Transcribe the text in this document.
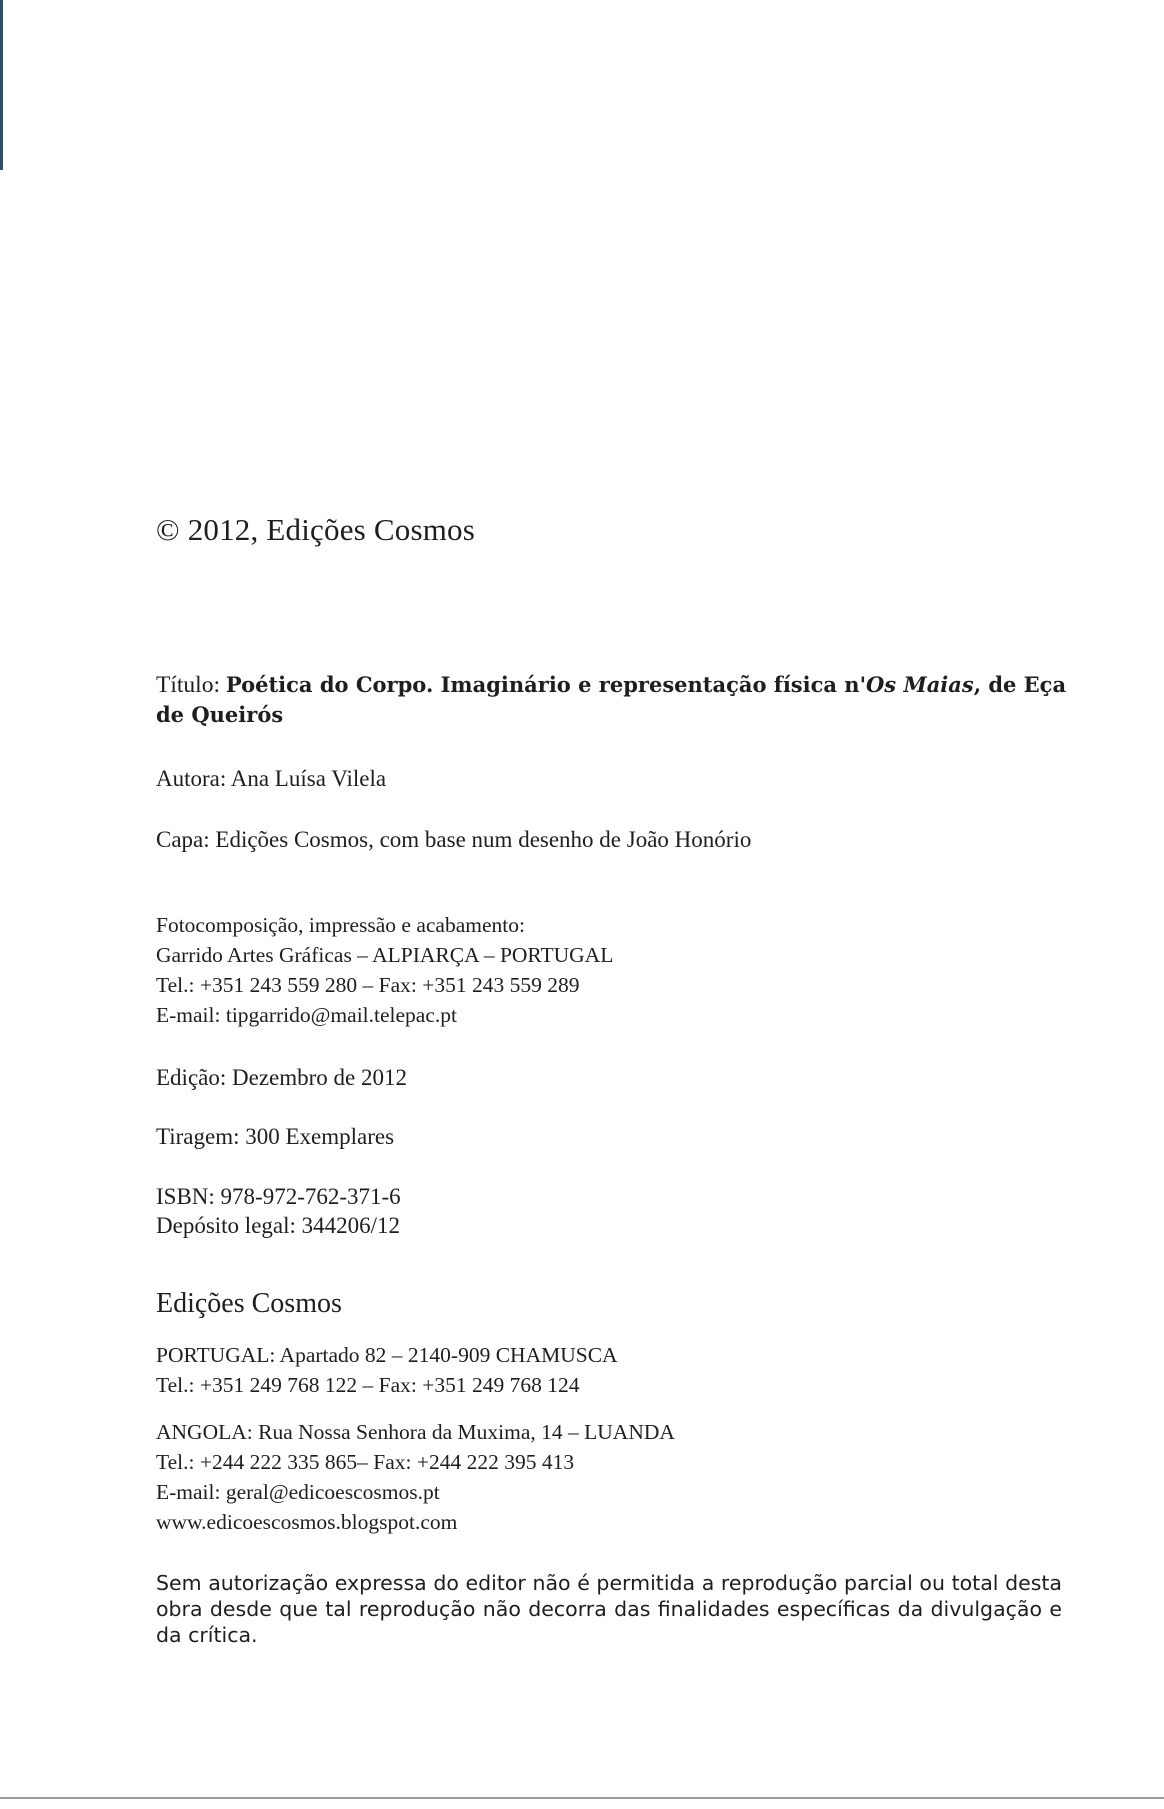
© 2012, Edições Cosmos
Título: Poética do Corpo. Imaginário e representação física n'Os Maias, de Eça de Queirós
Autora: Ana Luísa Vilela
Capa: Edições Cosmos, com base num desenho de João Honório
Fotocomposição, impressão e acabamento:
Garrido Artes Gráficas – ALPIARÇA – PORTUGAL
Tel.: +351 243 559 280 – Fax: +351 243 559 289
E-mail: tipgarrido@mail.telepac.pt
Edição: Dezembro de 2012
Tiragem: 300 Exemplares
ISBN: 978-972-762-371-6
Depósito legal: 344206/12
Edições Cosmos
PORTUGAL: Apartado 82 – 2140-909 CHAMUSCA
Tel.: +351 249 768 122 – Fax: +351 249 768 124
ANGOLA: Rua Nossa Senhora da Muxima, 14 – LUANDA
Tel.: +244 222 335 865– Fax: +244 222 395 413
E-mail: geral@edicoescosmos.pt
www.edicoescosmos.blogspot.com
Sem autorização expressa do editor não é permitida a reprodução parcial ou total desta obra desde que tal reprodução não decorra das finalidades específicas da divulgação e da crítica.
